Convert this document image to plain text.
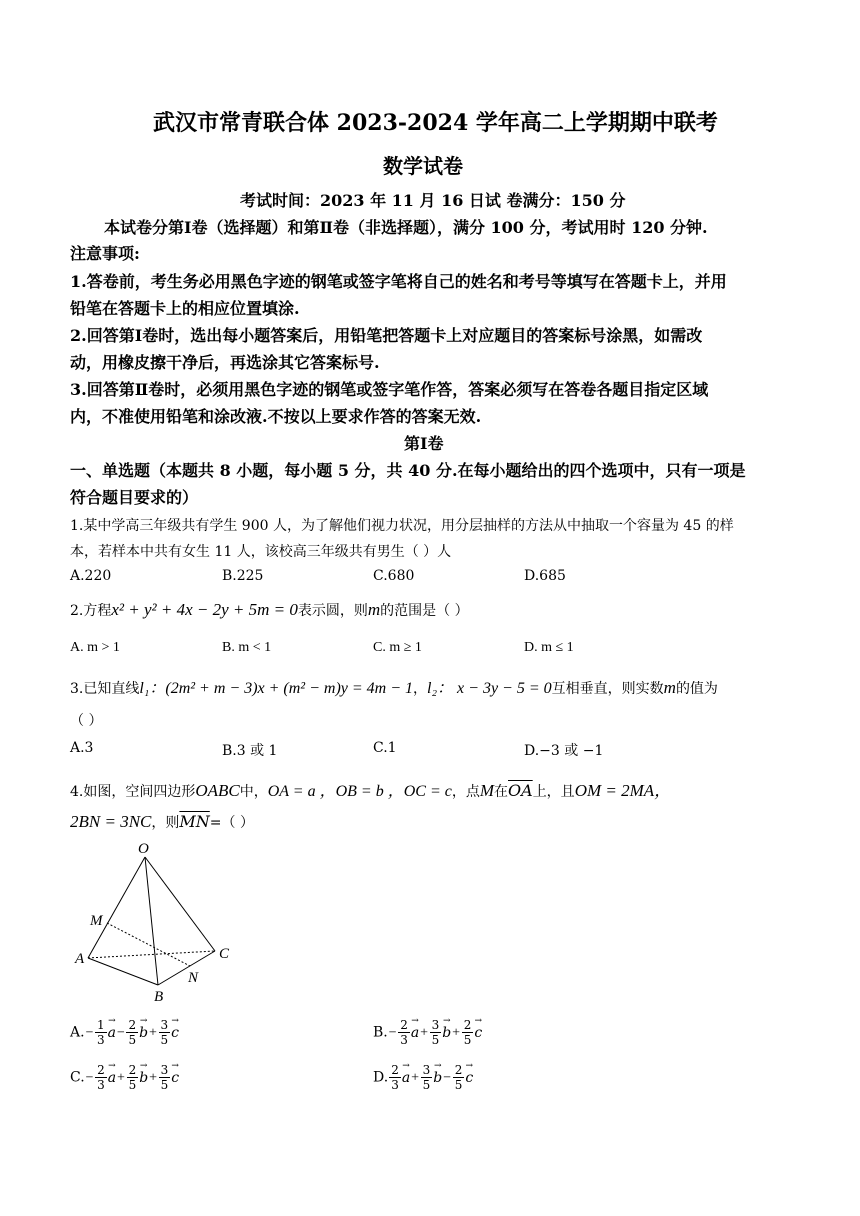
武汉市常青联合体 2023-2024 学年高二上学期期中联考
数学试卷
考试时间：2023 年 11 月 16 日试 卷满分：150 分
本试卷分第Ⅰ卷（选择题）和第Ⅱ卷（非选择题），满分 100 分，考试用时 120 分钟.
注意事项:
1.答卷前，考生务必用黑色字迹的钢笔或签字笔将自己的姓名和考号等填写在答题卡上，并用
铅笔在答题卡上的相应位置填涂.
2.回答第Ⅰ卷时，选出每小题答案后，用铅笔把答题卡上对应题目的答案标号涂黑，如需改
动，用橡皮擦干净后，再选涂其它答案标号.
3.回答第Ⅱ卷时，必须用黑色字迹的钢笔或签字笔作答，答案必须写在答卷各题目指定区域
内，不准使用铅笔和涂改液.不按以上要求作答的答案无效.
第Ⅰ卷
一、单选题（本题共 8 小题，每小题 5 分，共 40 分.在每小题给出的四个选项中，只有一项是
符合题目要求的）
1.某中学高三年级共有学生 900 人，为了解他们视力状况，用分层抽样的方法从中抽取一个容量为 45 的样
本，若样本中共有女生 11 人，该校高三年级共有男生（ ）人
A.220	B.225	C.680	D.685
2.方程x² + y² + 4x − 2y + 5m = 0表示圆，则m的范围是（ ）
A. m > 1	B. m < 1	C. m ≥ 1	D. m ≤ 1
3.已知直线l₁：(2m² + m − 3)x + (m² − m)y = 4m − 1，l₂： x − 3y − 5 = 0互相垂直，则实数m的值为
（ ）
A.3	B.3 或 1	C.1	D.−3 或 −1
4.如图，空间四边形OABC中，OA = a ，OB = b ，OC = c，点M在$\overline{OA}$上，且OM = 2MA，
2BN = 3NC，则$\overline{MN}=$（ ）
O
M
A
B
N
C
$A.- \frac{1}{3} \to a- \frac{2}{5} \to b+ \frac{3}{5} \to c$	$B.- \frac{2}{3} \to a+ \frac{3}{5} \to b+ \frac{2}{5} \to c$
$C.- \frac{2}{3} \to a+ \frac{2}{5} \to b+ \frac{3}{5} \to c$	D. $\frac{2}{3} \to a+ \frac{3}{5} \to b- \frac{2}{5} \to c$
